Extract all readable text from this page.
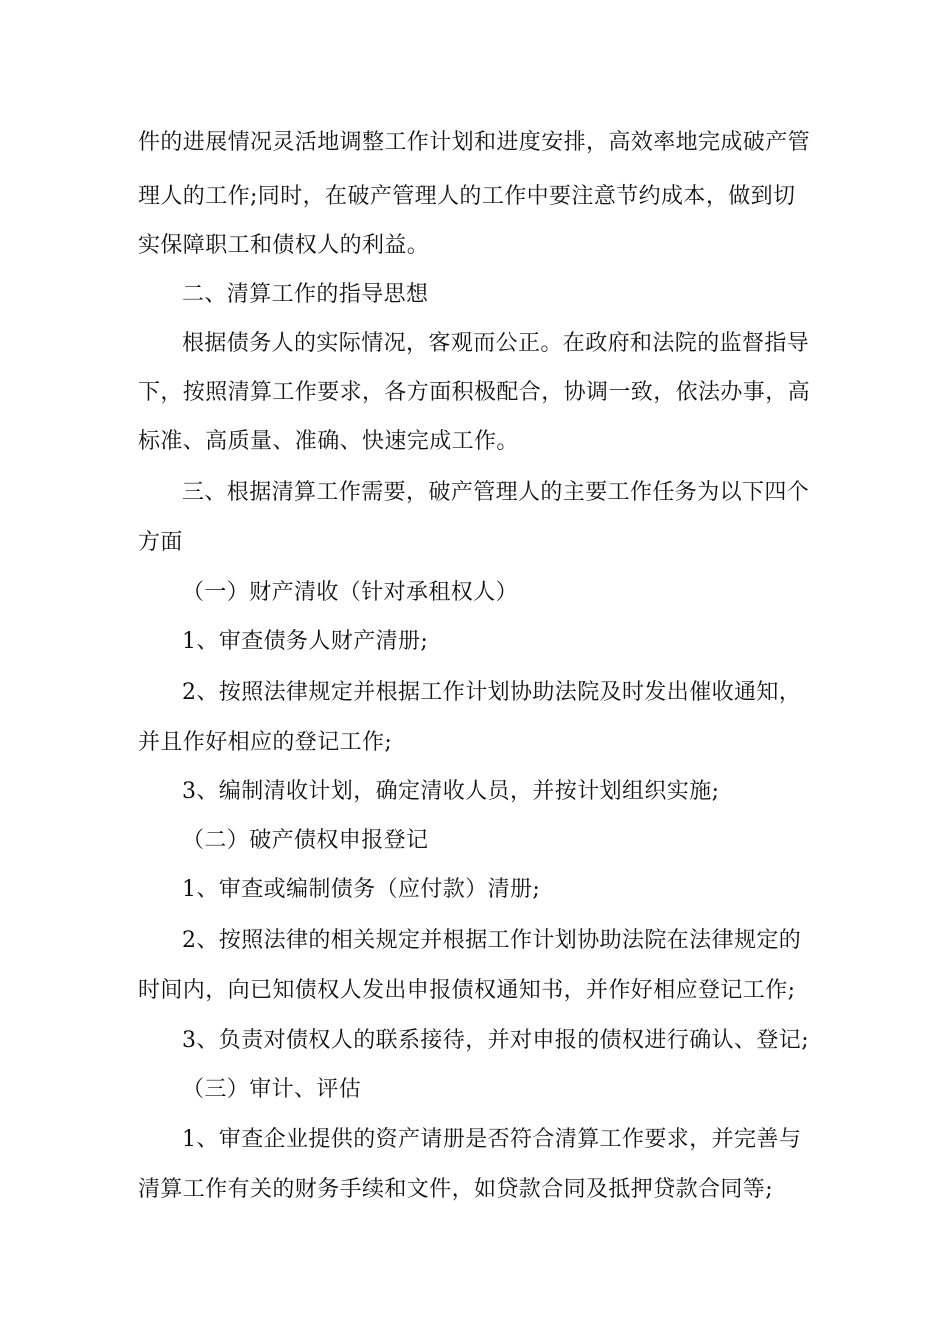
件的进展情况灵活地调整工作计划和进度安排，高效率地完成破产管
理人的工作;同时，在破产管理人的工作中要注意节约成本，做到切
实保障职工和债权人的利益。
二、清算工作的指导思想
根据债务人的实际情况，客观而公正。在政府和法院的监督指导
下，按照清算工作要求，各方面积极配合，协调一致，依法办事，高
标准、高质量、准确、快速完成工作。
三、根据清算工作需要，破产管理人的主要工作任务为以下四个
方面
（一）财产清收（针对承租权人）
1、审查债务人财产清册;
2、按照法律规定并根据工作计划协助法院及时发出催收通知，
并且作好相应的登记工作;
3、编制清收计划，确定清收人员，并按计划组织实施;
（二）破产债权申报登记
1、审查或编制债务（应付款）清册;
2、按照法律的相关规定并根据工作计划协助法院在法律规定的
时间内，向已知债权人发出申报债权通知书，并作好相应登记工作;
3、负责对债权人的联系接待，并对申报的债权进行确认、登记;
（三）审计、评估
1、审查企业提供的资产请册是否符合清算工作要求，并完善与
清算工作有关的财务手续和文件，如贷款合同及抵押贷款合同等;
